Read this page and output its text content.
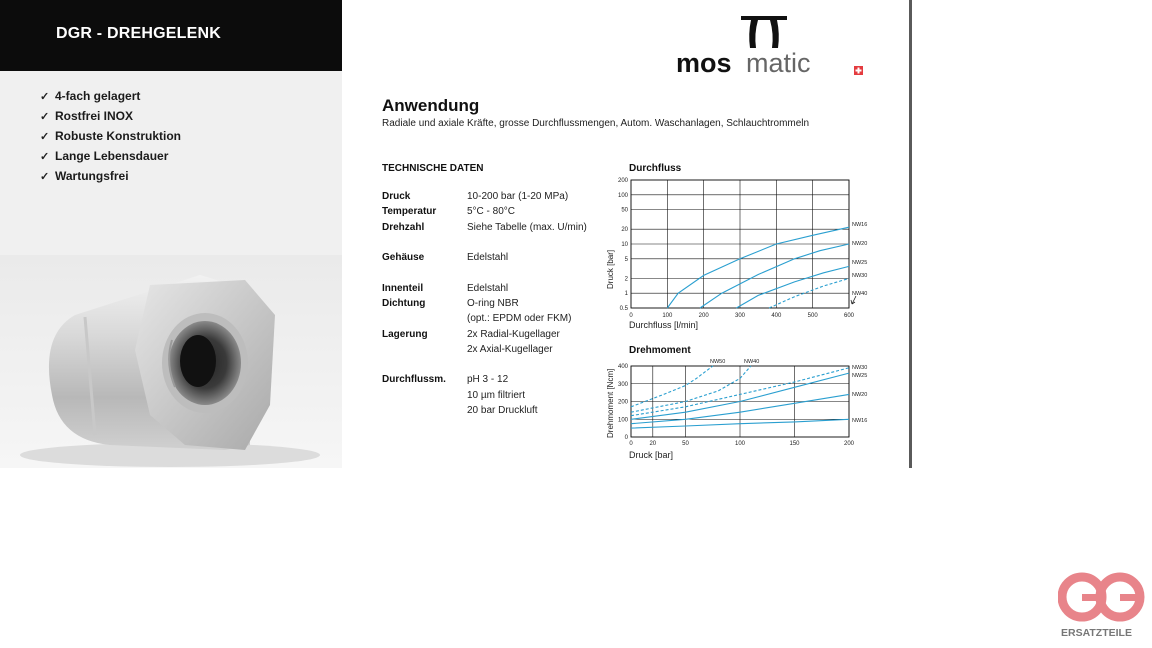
DGR - DREHGELENK
✓ 4-fach gelagert
✓ Rostfrei INOX
✓ Robuste Konstruktion
✓ Lange Lebensdauer
✓ Wartungsfrei
mos matic
Anwendung
Radiale und axiale Kräfte, grosse Durchflussmengen, Autom. Waschanlagen, Schlauchtrommeln
TECHNISCHE DATEN
Druck	10-200 bar (1-20 MPa)
Temperatur	5°C - 80°C
Drehzahl	Siehe Tabelle (max. U/min)
Gehäuse	Edelstahl
Innenteil	Edelstahl
Dichtung	O-ring NBR
(opt.: EPDM oder FKM)
Lagerung	2x Radial-Kugellager
2x Axial-Kugellager
Durchflussm. pH 3 - 12
10 µm filtriert
20 bar Druckluft
Durchfluss
0	100	200	300	400	500	600
200
100
50
20
10
5
2
1
0.5
NW16
NW20
NW25
NW30
NW40
Druck [bar]
Durchfluss [l/min]
Drehmoment
0	20	50	100	150	200
400
300
200
100
0
NW50	NW40
NW30
NW25
NW20
NW16
Drehmoment [Ncm]
Druck [bar]
&
ERSATZTEILE
